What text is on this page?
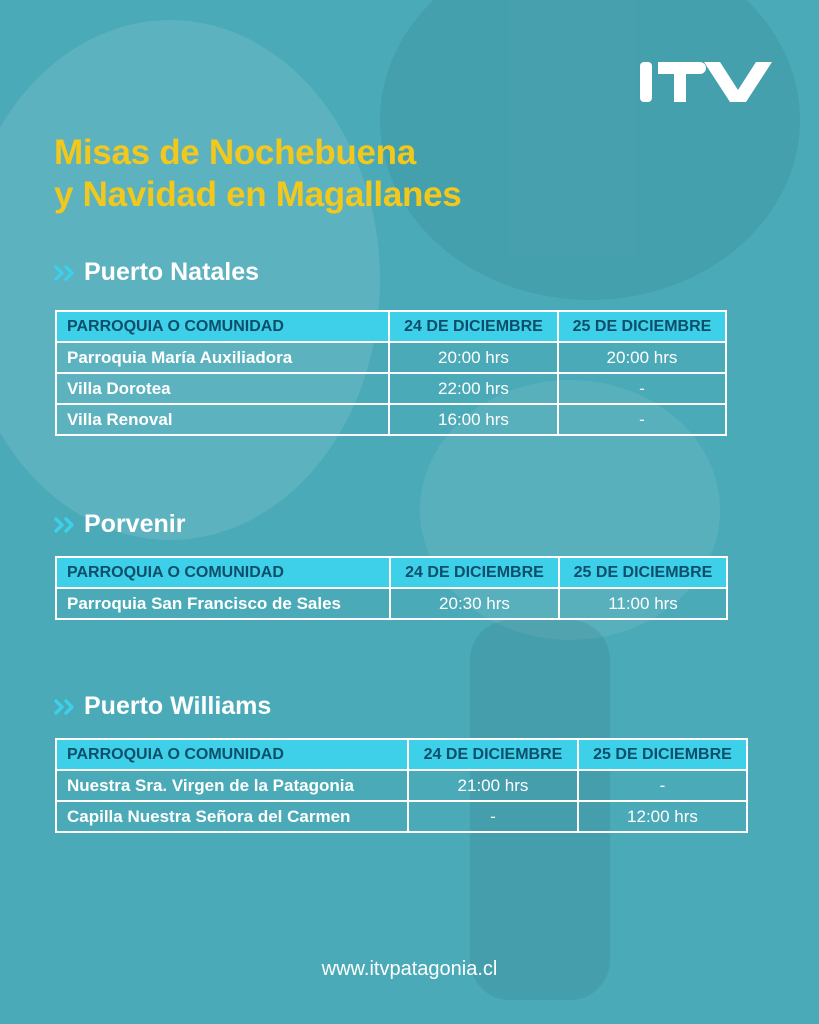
Misas de Nochebuena
y Navidad en Magallanes
Puerto Natales
PARROQUIA O COMUNIDAD	24 DE DICIEMBRE	25 DE DICIEMBRE
Parroquia María Auxiliadora	20:00 hrs	20:00 hrs
Villa Dorotea	22:00 hrs	-
Villa Renoval	16:00 hrs	-
Porvenir
PARROQUIA O COMUNIDAD	24 DE DICIEMBRE	25 DE DICIEMBRE
Parroquia San Francisco de Sales	20:30 hrs	11:00 hrs
Puerto Williams
PARROQUIA O COMUNIDAD	24 DE DICIEMBRE	25 DE DICIEMBRE
Nuestra Sra. Virgen de la Patagonia	21:00 hrs	-
Capilla Nuestra Señora del Carmen	-	12:00 hrs
www.itvpatagonia.cl
